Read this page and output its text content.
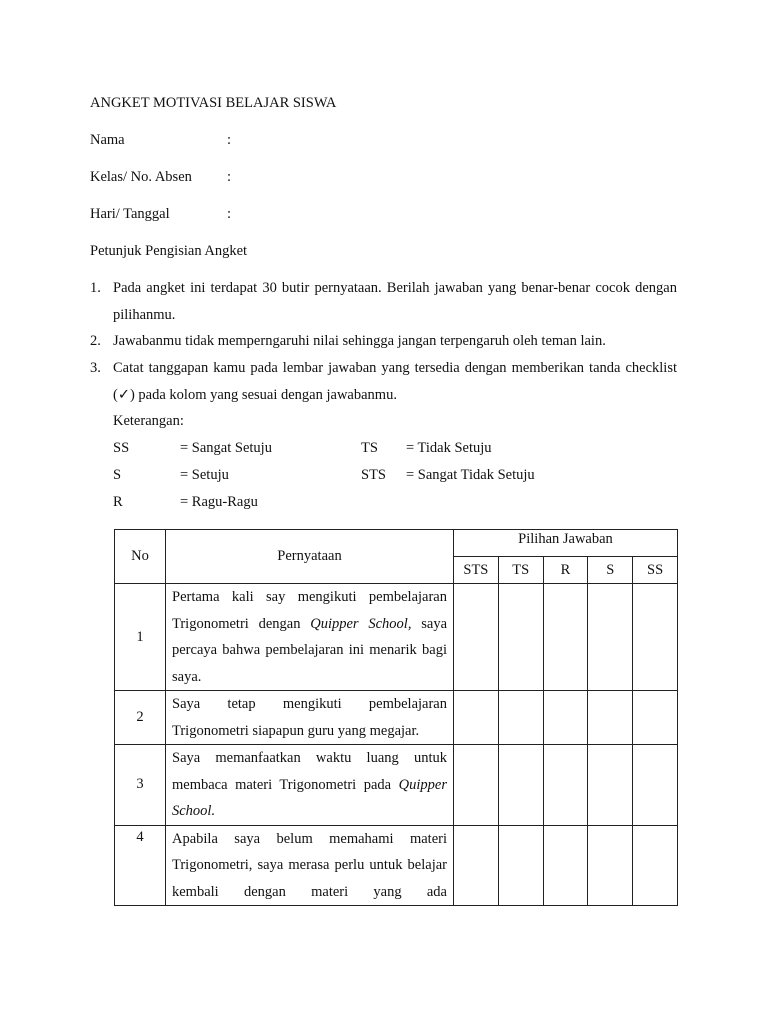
ANGKET MOTIVASI BELAJAR SISWA
Nama	:
Kelas/ No. Absen :
Hari/ Tanggal	:
Petunjuk Pengisian Angket
1. Pada angket ini terdapat 30 butir pernyataan. Berilah jawaban yang benar-benar cocok dengan pilihanmu.
2. Jawabanmu tidak memperngaruhi nilai sehingga jangan terpengaruh oleh teman lain.
3. Catat tanggapan kamu pada lembar jawaban yang tersedia dengan memberikan tanda checklist (✓) pada kolom yang sesuai dengan jawabanmu.
Keterangan:
SS	= Sangat Setuju
S	= Setuju
R	= Ragu-Ragu
TS = Tidak Setuju
STS = Sangat Tidak Setuju
No	Pernyataan	Pilihan Jawaban				
		STS	TS	R	S	SS
1	Pertama kali say mengikuti pembelajaran Trigonometri dengan Quipper School, saya percaya bahwa pembelajaran ini menarik bagi saya.					
2	Saya tetap mengikuti pembelajaran Trigonometri siapapun guru yang megajar.					
3	Saya memanfaatkan waktu luang untuk membaca materi Trigonometri pada Quipper School.					
4	Apabila saya belum memahami materi Trigonometri, saya merasa perlu untuk belajar kembali dengan materi yang ada					
